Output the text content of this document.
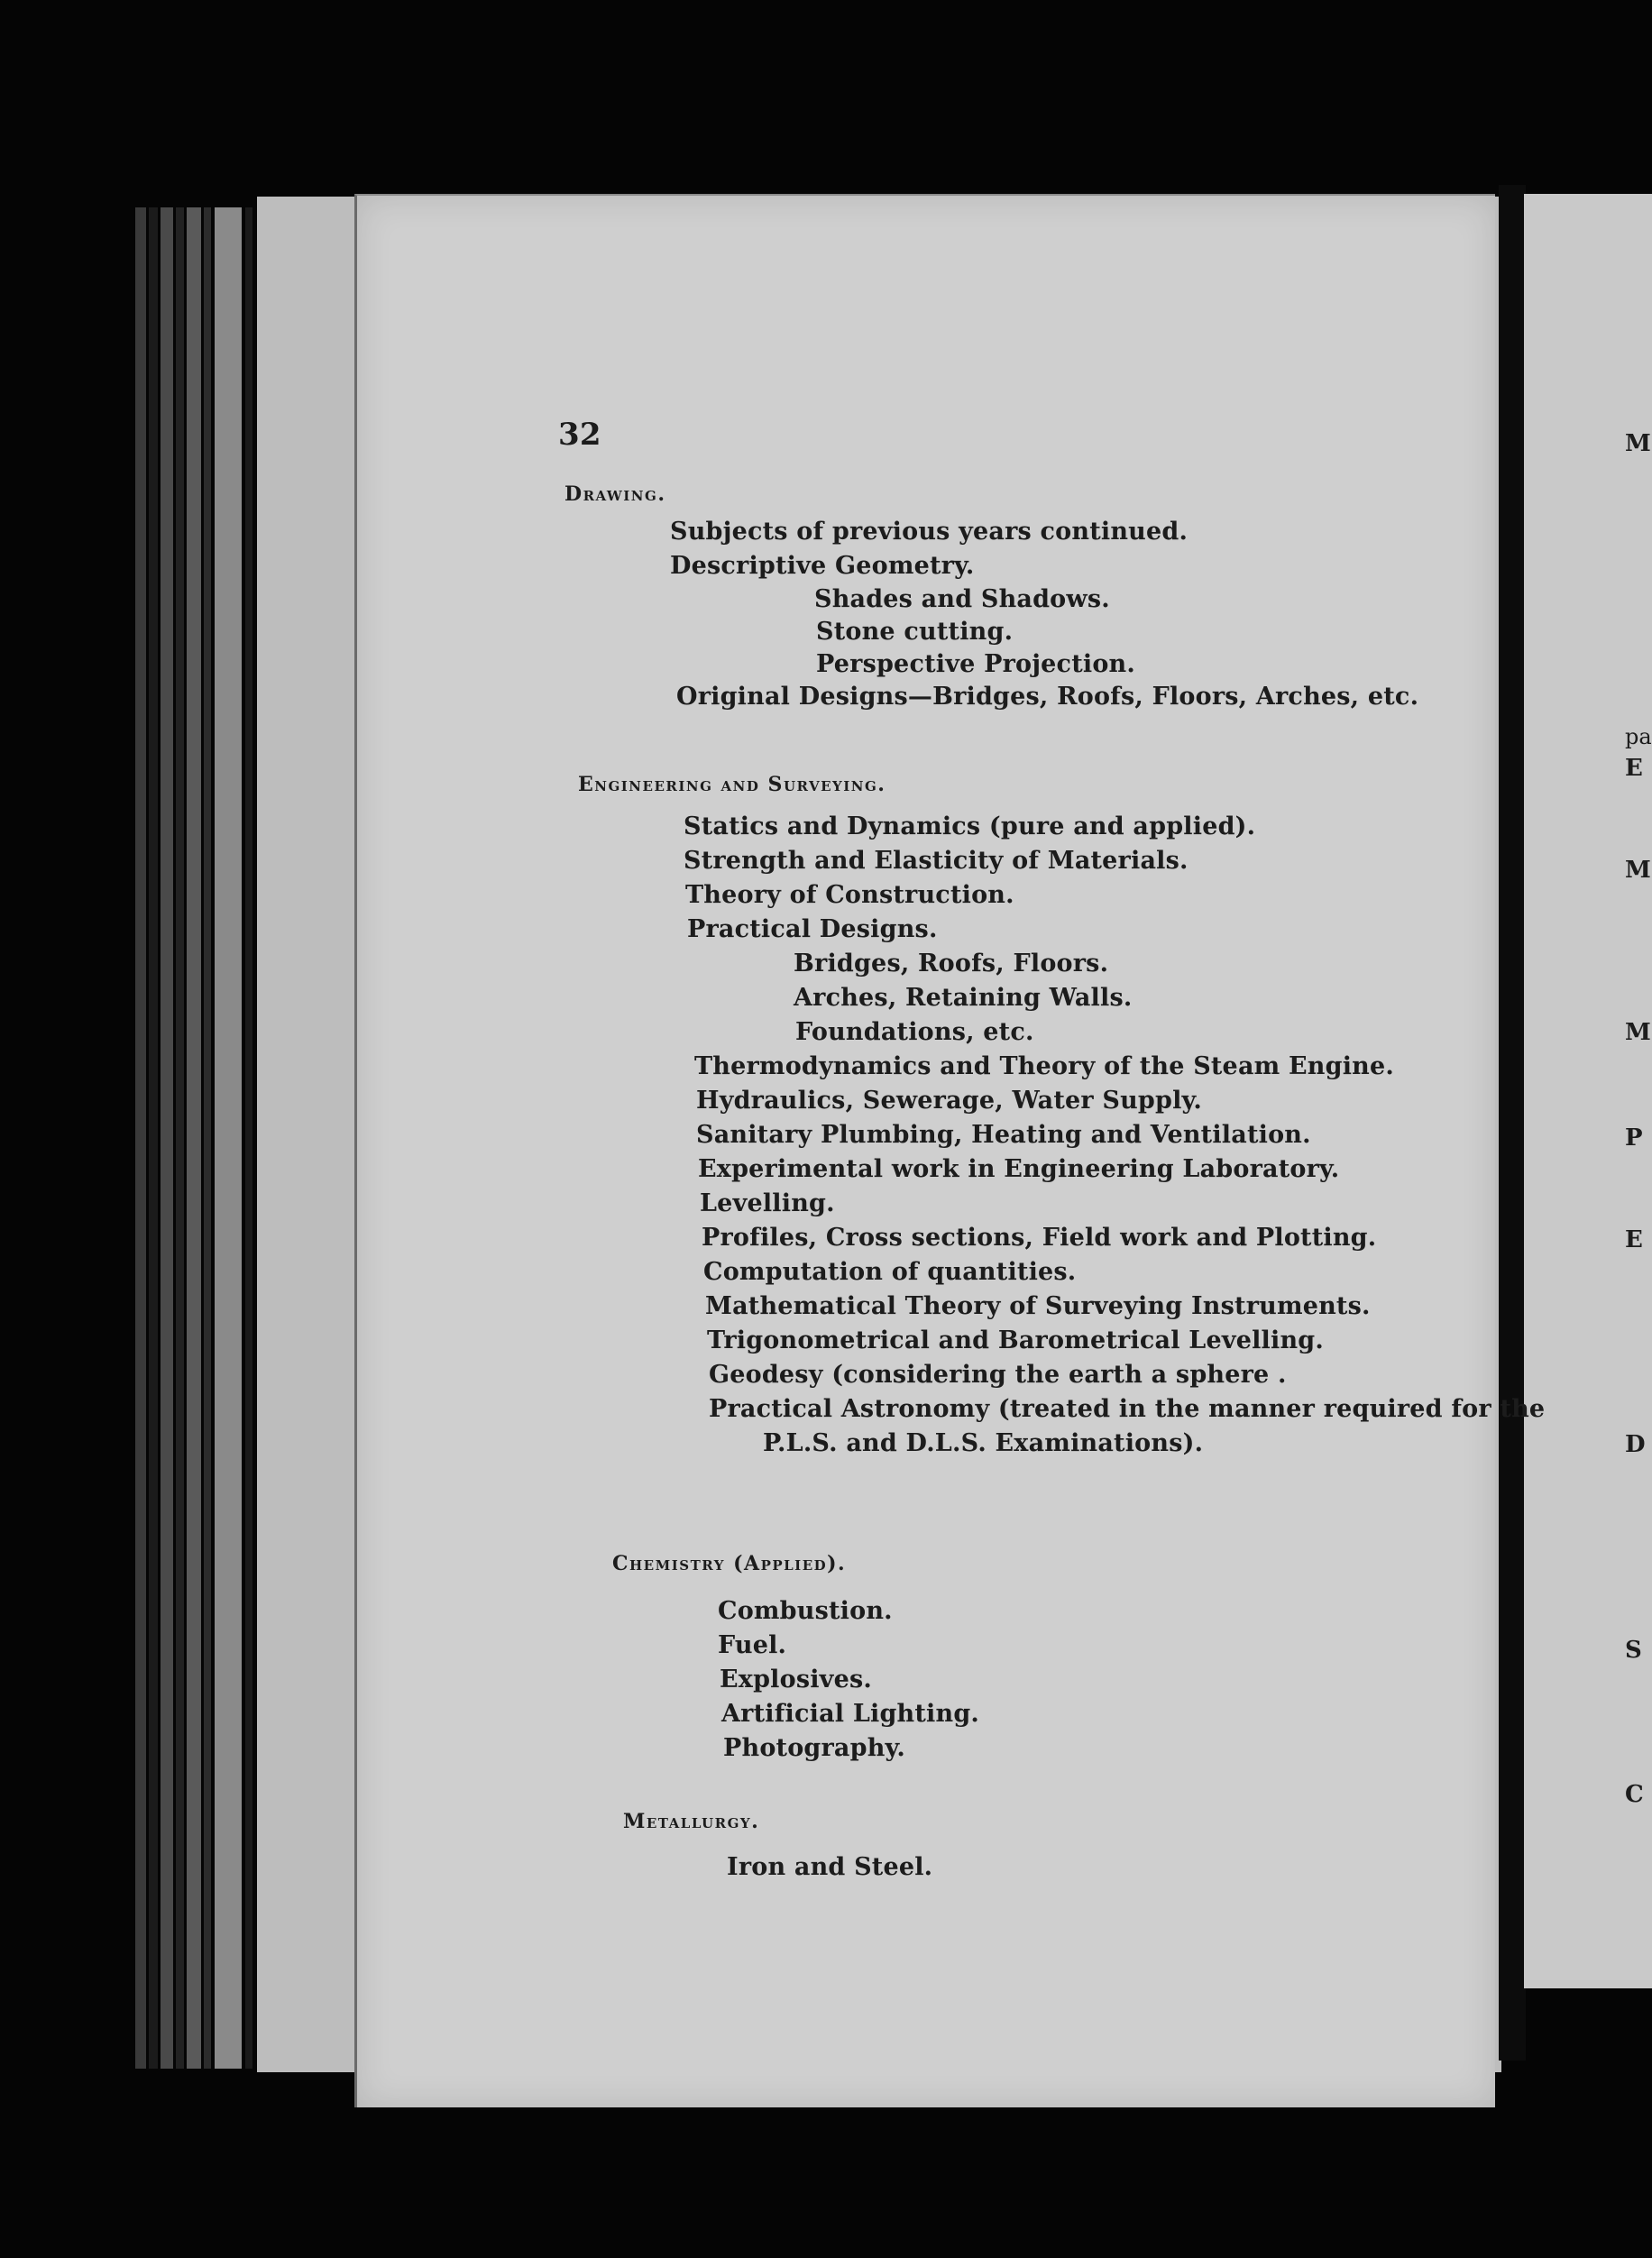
M
pa
E
M
M
P
E
D
S
C
32
Drawing.
Subjects of previous years continued.
Descriptive Geometry.
Shades and Shadows.
Stone cutting.
Perspective Projection.
Original Designs—Bridges, Roofs, Floors, Arches, etc.
Engineering and Surveying.
Statics and Dynamics (pure and applied).
Strength and Elasticity of Materials.
Theory of Construction.
Practical Designs.
Bridges, Roofs, Floors.
Arches, Retaining Walls.
Foundations, etc.
Thermodynamics and Theory of the Steam Engine.
Hydraulics, Sewerage, Water Supply.
Sanitary Plumbing, Heating and Ventilation.
Experimental work in Engineering Laboratory.
Levelling.
Profiles, Cross sections, Field work and Plotting.
Computation of quantities.
Mathematical Theory of Surveying Instruments.
Trigonometrical and Barometrical Levelling.
Geodesy (considering the earth a sphere .
Practical Astronomy (treated in the manner required for the
P.L.S. and D.L.S. Examinations).
Chemistry (Applied).
Combustion.
Fuel.
Explosives.
Artificial Lighting.
Photography.
Metallurgy.
Iron and Steel.
